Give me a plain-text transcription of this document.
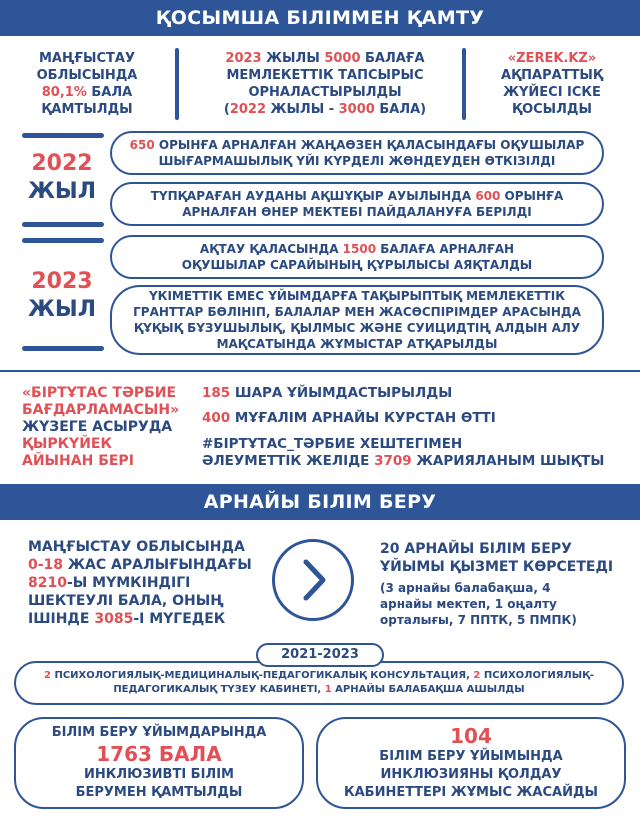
ҚОСЫМША БІЛІММЕН ҚАМТУ
МАҢҒЫСТАУ
ОБЛЫСЫНДА
80,1% БАЛА
ҚАМТЫЛДЫ
2023 ЖЫЛЫ 5000 БАЛАҒА
МЕМЛЕКЕТТІК ТАПСЫРЫС
ОРНАЛАСТЫРЫЛДЫ
(2022 ЖЫЛЫ - 3000 БАЛА)
«ZEREK.KZ»
АҚПАРАТТЫҚ
ЖҮЙЕСІ ІСКЕ
ҚОСЫЛДЫ
2022
ЖЫЛ
2023
ЖЫЛ
650 ОРЫНҒА АРНАЛҒАН ЖАҢАӨЗЕН ҚАЛАСЫНДАҒЫ ОҚУШЫЛАР
ШЫҒАРМАШЫЛЫҚ ҮЙІ КҮРДЕЛІ ЖӨНДЕУДЕН ӨТКІЗІЛДІ
ТҮПҚАРАҒАН АУДАНЫ АҚШҰҚЫР АУЫЛЫНДА 600 ОРЫНҒА
АРНАЛҒАН ӨНЕР МЕКТЕБІ ПАЙДАЛАНУҒА БЕРІЛДІ
АҚТАУ ҚАЛАСЫНДА 1500 БАЛАҒА АРНАЛҒАН
ОҚУШЫЛАР САРАЙЫНЫҢ ҚҰРЫЛЫСЫ АЯҚТАЛДЫ
ҮКІМЕТТІК ЕМЕС ҰЙЫМДАРҒА ТАҚЫРЫПТЫҚ МЕМЛЕКЕТТІК
ГРАНТТАР БӨЛІНІП, БАЛАЛАР МЕН ЖАСӨСПІРІМДЕР АРАСЫНДА
ҚҰҚЫҚ БҰЗУШЫЛЫҚ, ҚЫЛМЫС ЖӘНЕ СУИЦИДТІҢ АЛДЫН АЛУ
МАҚСАТЫНДА ЖҰМЫСТАР АТҚАРЫЛДЫ
«БІРТҰТАС ТӘРБИЕ
БАҒДАРЛАМАСЫН»
ЖҮЗЕГЕ АСЫРУДА
ҚЫРКҮЙЕК
АЙЫНАН БЕРІ
185 ШАРА ҰЙЫМДАСТЫРЫЛДЫ
400 МҰҒАЛІМ АРНАЙЫ КУРСТАН ӨТТІ
#БІРТҰТАС_ТӘРБИЕ ХЕШТЕГІМЕН
ӘЛЕУМЕТТІК ЖЕЛІДЕ 3709 ЖАРИЯЛАНЫМ ШЫҚТЫ
АРНАЙЫ БІЛІМ БЕРУ
МАҢҒЫСТАУ ОБЛЫСЫНДА
0-18 ЖАС АРАЛЫҒЫНДАҒЫ
8210-Ы МҮМКІНДІГІ
ШЕКТЕУЛІ БАЛА, ОНЫҢ
ІШІНДЕ 3085-І МҮГЕДЕК
20 АРНАЙЫ БІЛІМ БЕРУ
ҰЙЫМЫ ҚЫЗМЕТ КӨРСЕТЕДІ
(3 арнайы балабақша, 4
арнайы мектеп, 1 оңалту
орталығы, 7 ППТК, 5 ПМПК)
2 ПСИХОЛОГИЯЛЫҚ-МЕДИЦИНАЛЫҚ-ПЕДАГОГИКАЛЫҚ КОНСУЛЬТАЦИЯ, 2 ПСИХОЛОГИЯЛЫҚ-
ПЕДАГОГИКАЛЫҚ ТҮЗЕУ КАБИНЕТІ, 1 АРНАЙЫ БАЛАБАҚША АШЫЛДЫ
2021-2023
БІЛІМ БЕРУ ҰЙЫМДАРЫНДА
1763 БАЛА
ИНКЛЮЗИВТІ БІЛІМ
БЕРУМЕН ҚАМТЫЛДЫ
104
БІЛІМ БЕРУ ҰЙЫМЫНДА
ИНКЛЮЗИЯНЫ ҚОЛДАУ
КАБИНЕТТЕРІ ЖҰМЫС ЖАСАЙДЫ
